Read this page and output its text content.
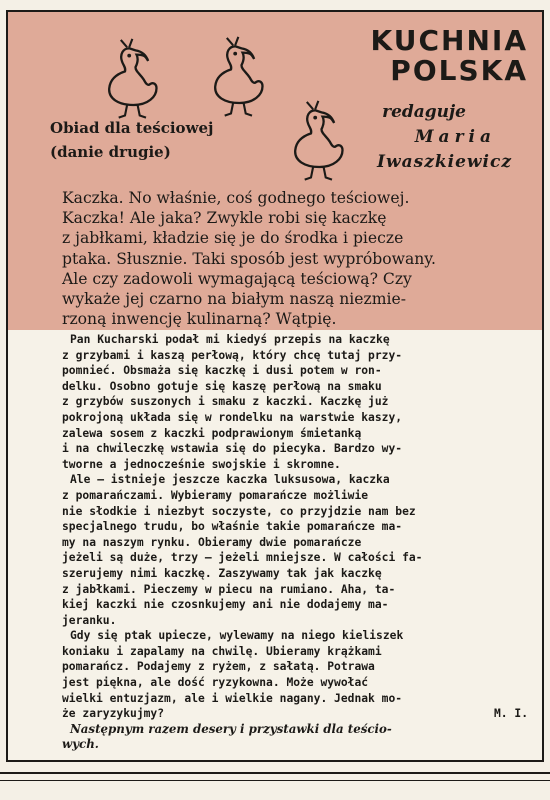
KUCHNIA
POLSKA
redaguje
Maria
Iwaszkiewicz
Obiad dla teściowej
(danie drugie)
Kaczka. No właśnie, coś godnego teściowej.
Kaczka! Ale jaka? Zwykle robi się kaczkę
z jabłkami, kładzie się je do środka i piecze
ptaka. Słusznie. Taki sposób jest wypróbowany.
Ale czy zadowoli wymagającą teściową? Czy
wykaże jej czarno na białym naszą niezmie-
rzoną inwencję kulinarną? Wątpię.
Pan Kucharski podał mi kiedyś przepis na kaczkę
z grzybami i kaszą perłową, który chcę tutaj przy-
pomnieć. Obsmaża się kaczkę i dusi potem w ron-
delku. Osobno gotuje się kaszę perłową na smaku
z grzybów suszonych i smaku z kaczki. Kaczkę już
pokrojoną układa się w rondelku na warstwie kaszy,
zalewa sosem z kaczki podprawionym śmietanką
i na chwileczkę wstawia się do piecyka. Bardzo wy-
tworne a jednocześnie swojskie i skromne.
Ale — istnieje jeszcze kaczka luksusowa, kaczka
z pomarańczami. Wybieramy pomarańcze możliwie
nie słodkie i niezbyt soczyste, co przyjdzie nam bez
specjalnego trudu, bo właśnie takie pomarańcze ma-
my na naszym rynku. Obieramy dwie pomarańcze
jeżeli są duże, trzy — jeżeli mniejsze. W całości fa-
szerujemy nimi kaczkę. Zaszywamy tak jak kaczkę
z jabłkami. Pieczemy w piecu na rumiano. Aha, ta-
kiej kaczki nie czosnkujemy ani nie dodajemy ma-
jeranku.
Gdy się ptak upiecze, wylewamy na niego kieliszek
koniaku i zapalamy na chwilę. Ubieramy krążkami
pomarańcz. Podajemy z ryżem, z sałatą. Potrawa
jest piękna, ale dość ryzykowna. Może wywołać
wielki entuzjazm, ale i wielkie nagany. Jednak mo-
że zaryzykujmy?	M. I.
Następnym razem desery i przystawki dla teścio-
wych.
